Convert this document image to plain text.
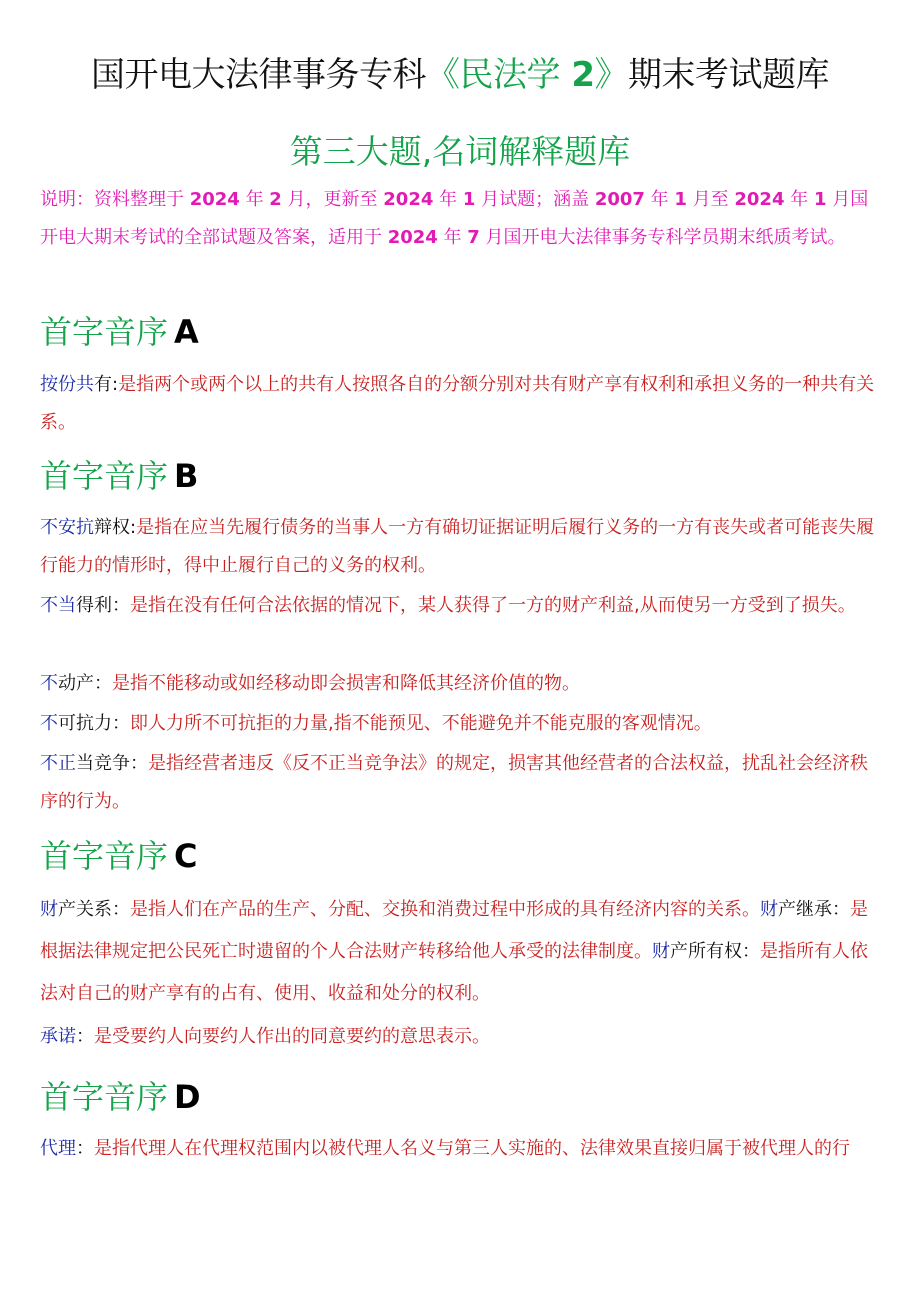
国开电大法律事务专科《民法学 2》期末考试题库
第三大题,名词解释题库
说明：资料整理于 2024 年 2 月，更新至 2024 年 1 月试题；涵盖 2007 年 1 月至 2024 年 1 月国开电大期末考试的全部试题及答案，适用于 2024 年 7 月国开电大法律事务专科学员期末纸质考试。
首字音序 A
按份共有:是指两个或两个以上的共有人按照各自的分额分别对共有财产享有权利和承担义务的一种共有关系。
首字音序 B
不安抗辩权:是指在应当先履行债务的当事人一方有确切证据证明后履行义务的一方有丧失或者可能丧失履行能力的情形时，得中止履行自己的义务的权利。
不当得利：是指在没有任何合法依据的情况下，某人获得了一方的财产利益,从而使另一方受到了损失。
不动产：是指不能移动或如经移动即会损害和降低其经济价值的物。
不可抗力：即人力所不可抗拒的力量,指不能预见、不能避免并不能克服的客观情况。
不正当竞争：是指经营者违反《反不正当竞争法》的规定，损害其他经营者的合法权益，扰乱社会经济秩序的行为。
首字音序 C
财产关系：是指人们在产品的生产、分配、交换和消费过程中形成的具有经济内容的关系。财产继承：是根据法律规定把公民死亡时遗留的个人合法财产转移给他人承受的法律制度。财产所有权：是指所有人依法对自己的财产享有的占有、使用、收益和处分的权利。
承诺：是受要约人向要约人作出的同意要约的意思表示。
首字音序 D
代理：是指代理人在代理权范围内以被代理人名义与第三人实施的、法律效果直接归属于被代理人的行
